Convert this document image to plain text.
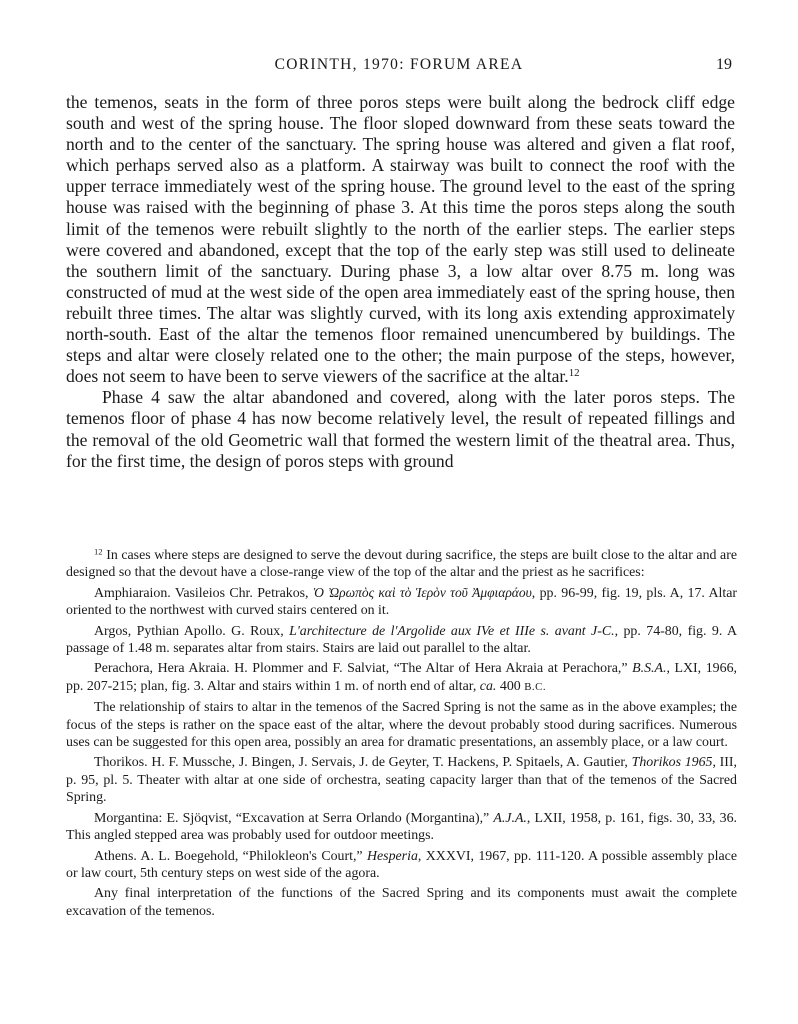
CORINTH, 1970: FORUM AREA	19

the temenos, seats in the form of three poros steps were built along the bedrock cliff edge south and west of the spring house. The floor sloped downward from these seats toward the north and to the center of the sanctuary. The spring house was altered and given a flat roof, which perhaps served also as a platform. A stairway was built to connect the roof with the upper terrace immediately west of the spring house. The ground level to the east of the spring house was raised with the beginning of phase 3. At this time the poros steps along the south limit of the temenos were rebuilt slightly to the north of the earlier steps. The earlier steps were covered and abandoned, except that the top of the early step was still used to delineate the southern limit of the sanctuary. During phase 3, a low altar over 8.75 m. long was constructed of mud at the west side of the open area immediately east of the spring house, then rebuilt three times. The altar was slightly curved, with its long axis extending approximately north-south. East of the altar the temenos floor remained unencumbered by buildings. The steps and altar were closely related one to the other; the main purpose of the steps, however, does not seem to have been to serve viewers of the sacrifice at the altar.$^{12}$

Phase 4 saw the altar abandoned and covered, along with the later poros steps. The temenos floor of phase 4 has now become relatively level, the result of repeated fillings and the removal of the old Geometric wall that formed the western limit of the theatral area. Thus, for the first time, the design of poros steps with ground

$^{12}$ In cases where steps are designed to serve the devout during sacrifice, the steps are built close to the altar and are designed so that the devout have a close-range view of the top of the altar and the priest as he sacrifices:

Amphiaraion. Vasileios Chr. Petrakos, Ὁ Ὠρωπὸς καὶ τὸ Ἱερὸν τοῦ Ἀμφιαράου, pp. 96-99, fig. 19, pls. A, 17. Altar oriented to the northwest with curved stairs centered on it.

Argos, Pythian Apollo. G. Roux, L'architecture de l'Argolide aux IVe et IIIe s. avant J-C., pp. 74-80, fig. 9. A passage of 1.48 m. separates altar from stairs. Stairs are laid out parallel to the altar.

Perachora, Hera Akraia. H. Plommer and F. Salviat, “The Altar of Hera Akraia at Perachora,” B.S.A., LXI, 1966, pp. 207-215; plan, fig. 3. Altar and stairs within 1 m. of north end of altar, ca. 400 B.C.

The relationship of stairs to altar in the temenos of the Sacred Spring is not the same as in the above examples; the focus of the steps is rather on the space east of the altar, where the devout probably stood during sacrifices. Numerous uses can be suggested for this open area, possibly an area for dramatic presentations, an assembly place, or a law court.

Thorikos. H. F. Mussche, J. Bingen, J. Servais, J. de Geyter, T. Hackens, P. Spitaels, A. Gautier, Thorikos 1965, III, p. 95, pl. 5. Theater with altar at one side of orchestra, seating capacity larger than that of the temenos of the Sacred Spring.

Morgantina: E. Sjöqvist, “Excavation at Serra Orlando (Morgantina),” A.J.A., LXII, 1958, p. 161, figs. 30, 33, 36. This angled stepped area was probably used for outdoor meetings.

Athens. A. L. Boegehold, “Philokleon's Court,” Hesperia, XXXVI, 1967, pp. 111-120. A possible assembly place or law court, 5th century steps on west side of the agora.

Any final interpretation of the functions of the Sacred Spring and its components must await the complete excavation of the temenos.
